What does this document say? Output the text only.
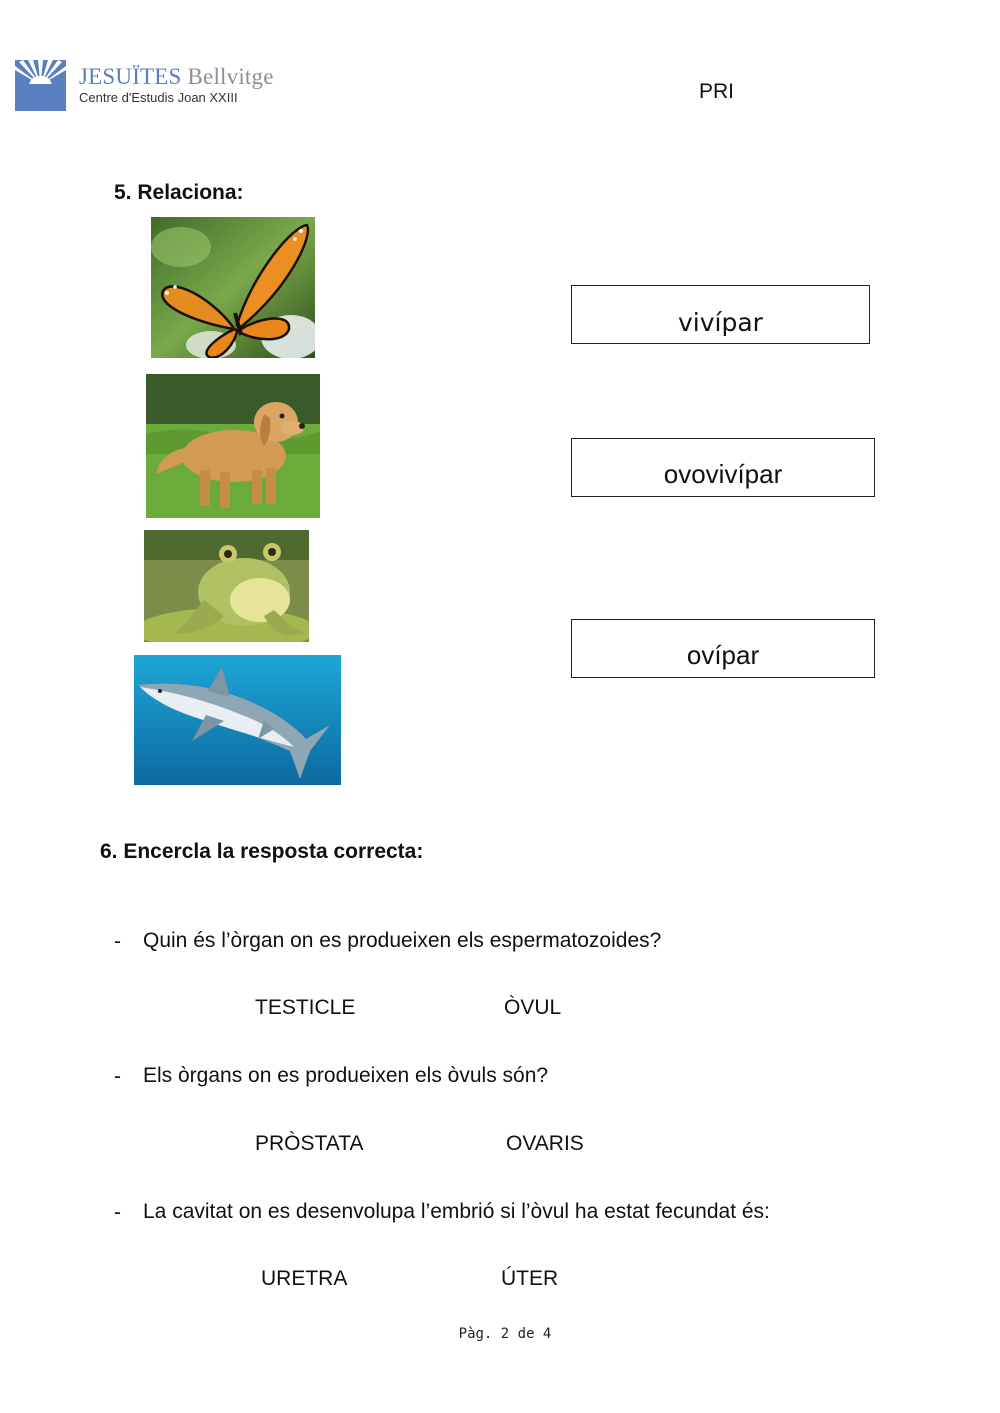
JESUÏTES Bellvitge
Centre d'Estudis Joan XXIII	PRI
5. Relaciona:
vivípar
ovovivípar
ovípar
6. Encercla la resposta correcta:
- Quin és l’òrgan on es produeixen els espermatozoides?
TESTICLE	ÒVUL
- Els òrgans on es produeixen els òvuls són?
PRÒSTATA	OVARIS
- La cavitat on es desenvolupa l’embrió si l’òvul ha estat fecundat és:
URETRA	ÚTER
Pàg. 2 de 4
